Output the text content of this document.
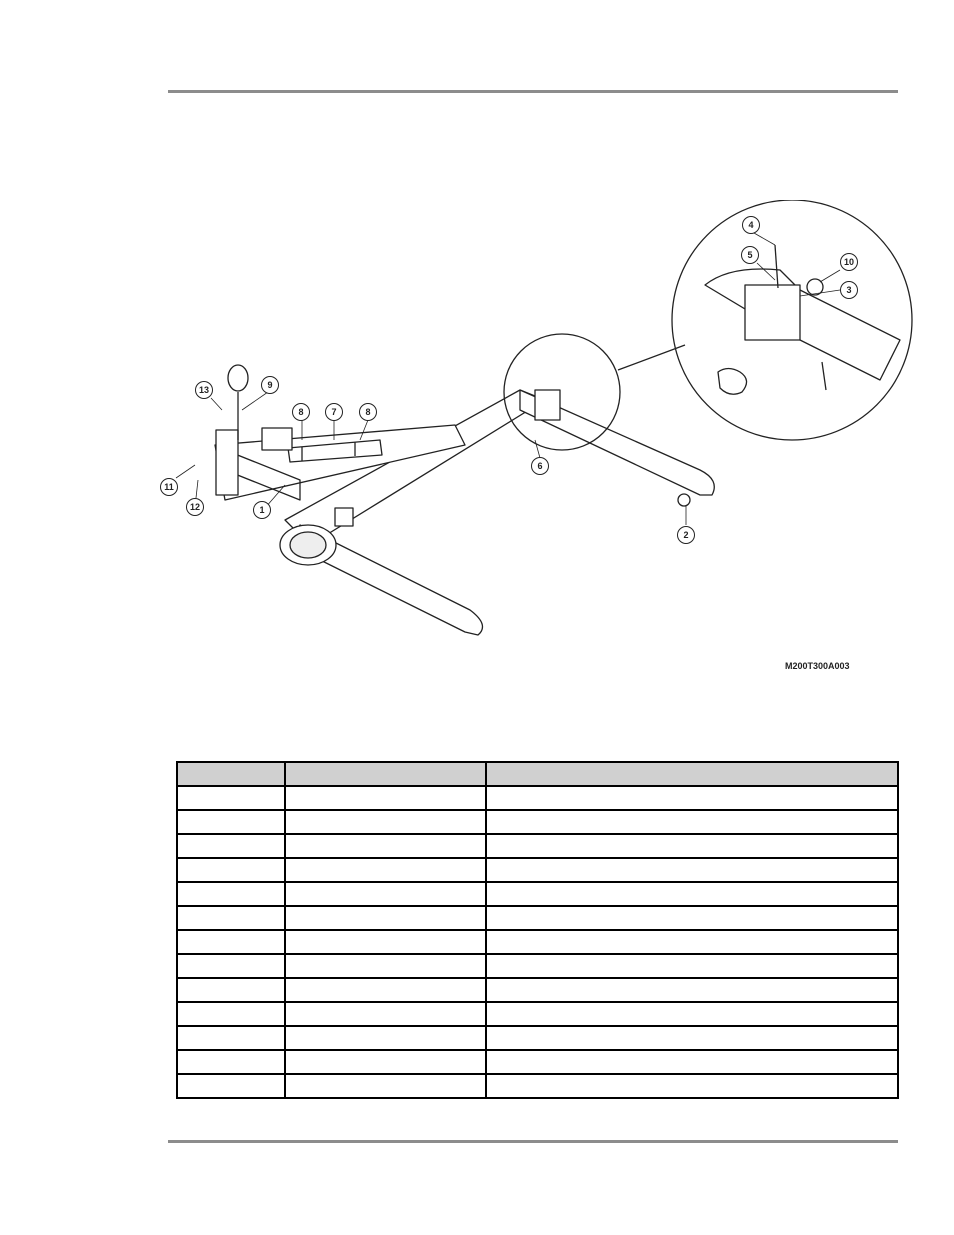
1
2
3
4
5
6
7
8	8
9
10
11
12
13
M200T300A003
